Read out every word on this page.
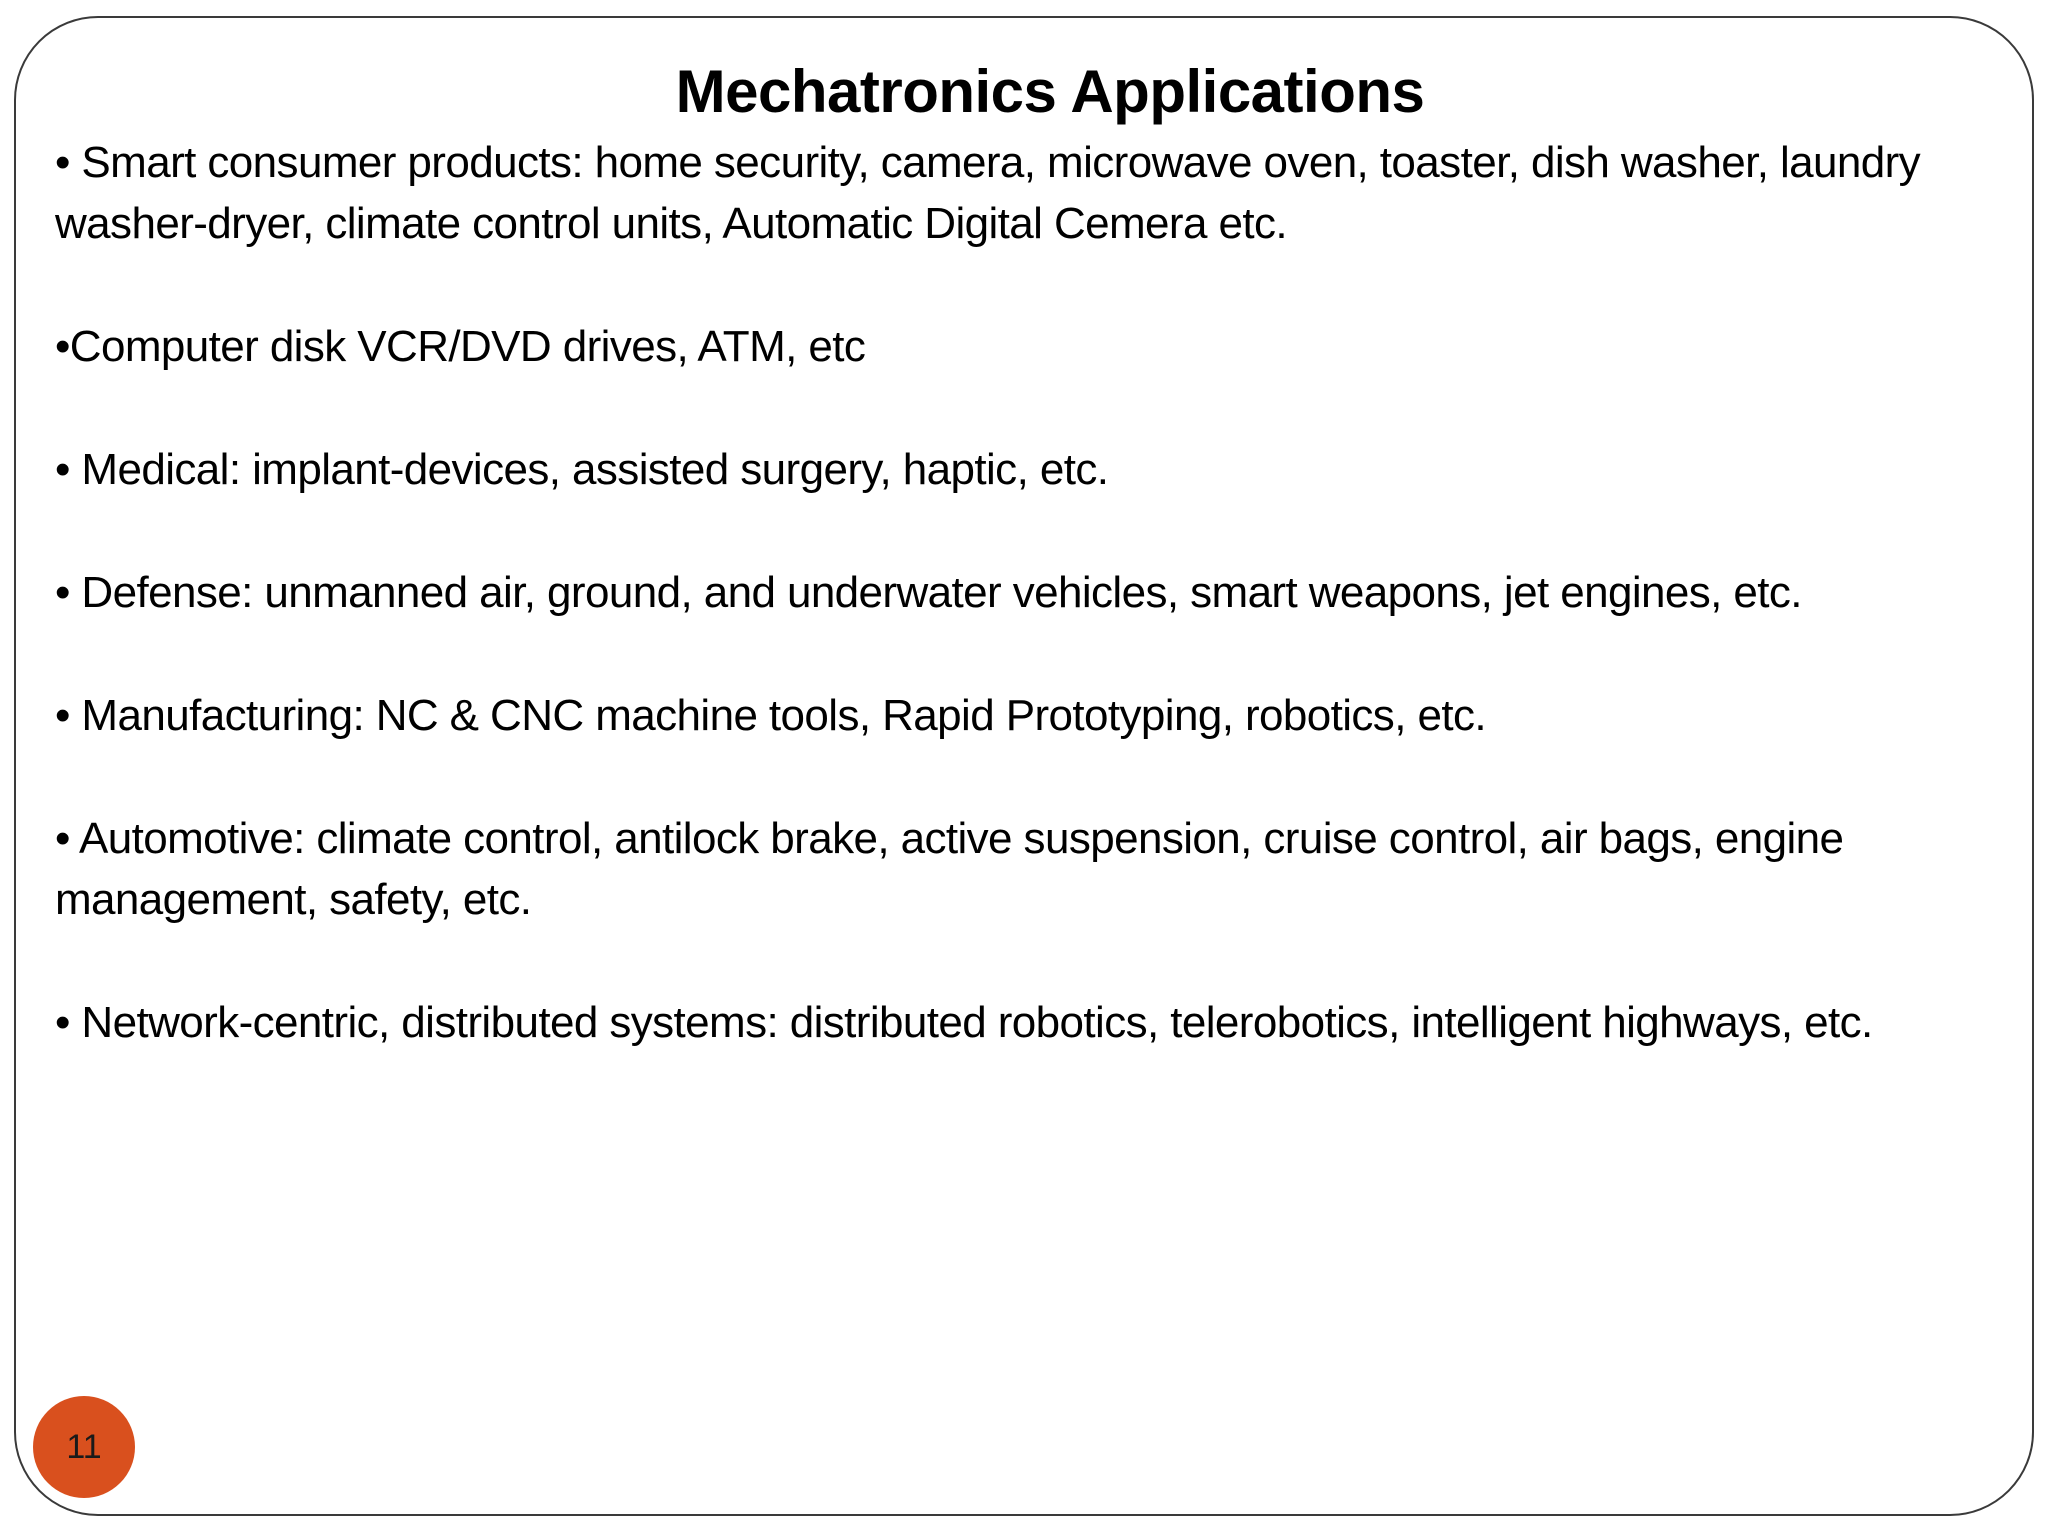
Mechatronics Applications
• Smart consumer products: home security, camera, microwave oven, toaster, dish washer, laundry washer-dryer, climate control units, Automatic Digital Cemera etc.
•Computer disk VCR/DVD drives, ATM, etc
• Medical: implant-devices, assisted surgery, haptic, etc.
• Defense: unmanned air, ground, and underwater vehicles, smart weapons, jet engines, etc.
• Manufacturing: NC & CNC machine tools, Rapid Prototyping, robotics, etc.
• Automotive: climate control, antilock brake, active suspension, cruise control, air bags, engine management, safety, etc.
• Network-centric, distributed systems: distributed robotics, telerobotics, intelligent highways, etc.
11
